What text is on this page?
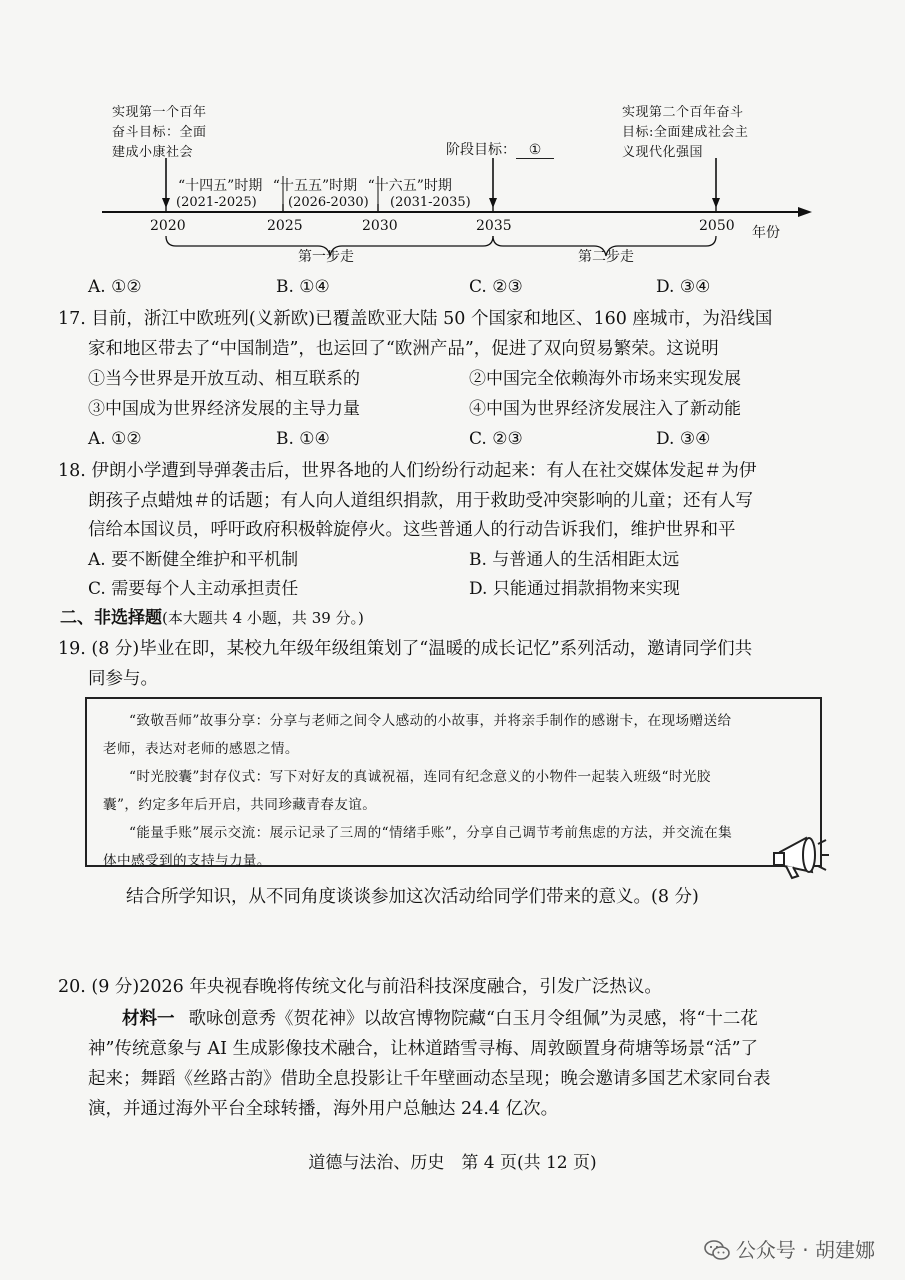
实现第一个百年
奋斗目标：全面
建成小康社会
实现第二个百年奋斗
目标:全面建成社会主
义现代化强国
阶段目标： ①
“十四五”时期 “十五五”时期 “十六五”时期
(2021-2025) (2026-2030) (2031-2035)
2020	2025	2030	2035	2050 年份
第一步走	第二步走
A. ①②	B. ①④	C. ②③	D. ③④
17. 目前，浙江中欧班列(义新欧)已覆盖欧亚大陆 50 个国家和地区、160 座城市，为沿线国
家和地区带去了“中国制造”，也运回了“欧洲产品”，促进了双向贸易繁荣。这说明
①当今世界是开放互动、相互联系的	②中国完全依赖海外市场来实现发展
③中国成为世界经济发展的主导力量	④中国为世界经济发展注入了新动能
A. ①②	B. ①④	C. ②③	D. ③④
18. 伊朗小学遭到导弹袭击后，世界各地的人们纷纷行动起来：有人在社交媒体发起＃为伊
朗孩子点蜡烛＃的话题；有人向人道组织捐款，用于救助受冲突影响的儿童；还有人写
信给本国议员，呼吁政府积极斡旋停火。这些普通人的行动告诉我们，维护世界和平
A. 要不断健全维护和平机制	B. 与普通人的生活相距太远
C. 需要每个人主动承担责任	D. 只能通过捐款捐物来实现
二、非选择题(本大题共 4 小题，共 39 分。)
19. (8 分)毕业在即，某校九年级年级组策划了“温暖的成长记忆”系列活动，邀请同学们共
同参与。

“致敬吾师”故事分享：分享与老师之间令人感动的小故事，并将亲手制作的感谢卡，在现场赠送给

老师，表达对老师的感恩之情。

“时光胶囊”封存仪式：写下对好友的真诚祝福，连同有纪念意义的小物件一起装入班级“时光胶

囊”，约定多年后开启，共同珍藏青春友谊。

“能量手账”展示交流：展示记录了三周的“情绪手账”，分享自己调节考前焦虑的方法，并交流在集

体中感受到的支持与力量。

结合所学知识，从不同角度谈谈参加这次活动给同学们带来的意义。(8 分)
20. (9 分)2026 年央视春晚将传统文化与前沿科技深度融合，引发广泛热议。
材料一 歌咏创意秀《贺花神》以故宫博物院藏“白玉月令组佩”为灵感，将“十二花
神”传统意象与 AI 生成影像技术融合，让林道踏雪寻梅、周敦颐置身荷塘等场景“活”了
起来；舞蹈《丝路古韵》借助全息投影让千年壁画动态呈现；晚会邀请多国艺术家同台表
演，并通过海外平台全球转播，海外用户总触达 24.4 亿次。
道德与法治、历史　第 4 页(共 12 页)
公众号 · 胡建娜
